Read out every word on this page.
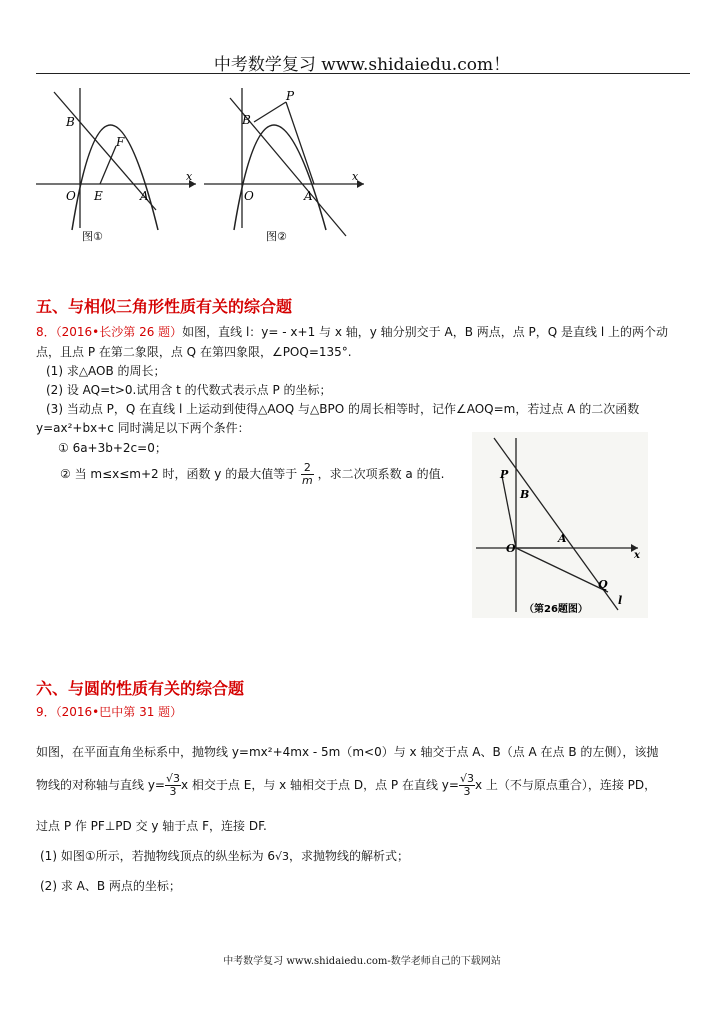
中考数学复习 www.shidaiedu.com！
B
F
O E	A
x
图①
P
B
O	A
x
图②
五、与相似三角形性质有关的综合题
8．（2016•长沙第 26 题）如图，直线 l：y= - x+1 与 x 轴，y 轴分别交于 A，B 两点，点 P，Q 是直线 l 上的两个动
点，且点 P 在第二象限，点 Q 在第四象限，∠POQ=135°.
(1) 求△AOB 的周长；
(2) 设 AQ=t>0.试用含 t 的代数式表示点 P 的坐标；
(3) 当动点 P，Q 在直线 l 上运动到使得△AOQ 与△BPO 的周长相等时，记作∠AOQ=m，若过点 A 的二次函数
y=ax²+bx+c 同时满足以下两个条件：
① 6a+3b+2c=0；
② 当 m≤x≤m+2 时，函数 y 的最大值等于 $\frac{2}{m}$ ，求二次项系数 a 的值.	P
B
O
A
Q
l
x
（第26题图）
六、与圆的性质有关的综合题
9．（2016•巴中第 31 题）
如图，在平面直角坐标系中，抛物线 y=mx²+4mx - 5m（m<0）与 x 轴交于点 A、B（点 A 在点 B 的左侧），该抛
物线的对称轴与直线 $y= \frac{√3}{3}$ x 相交于点 E，与 x 轴相交于点 D，点 P 在直线 $y= \frac{√3}{3}$ x 上（不与原点重合），连接 PD，
过点 P 作 PF⊥PD 交 y 轴于点 F，连接 DF.
(1) 如图①所示，若抛物线顶点的纵坐标为 6√3，求抛物线的解析式；
(2) 求 A、B 两点的坐标；
中考数学复习 www.shidaiedu.com-数学老师自己的下载网站
